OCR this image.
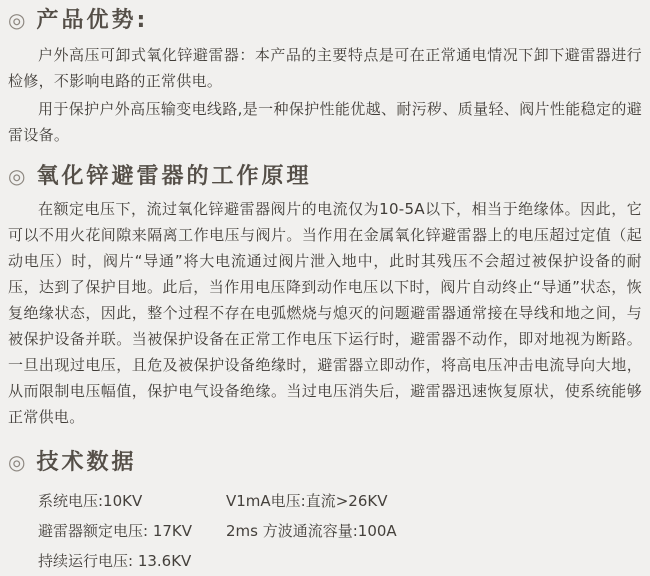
◎ 产品优势:

户外高压可卸式氧化锌避雷器：本产品的主要特点是可在正常通电情况下卸下避雷器进行检修，不影响电路的正常供电。

用于保护户外高压输变电线路,是一种保护性能优越、耐污秽、质量轻、阀片性能稳定的避雷设备。

◎ 氧化锌避雷器的工作原理

在额定电压下，流过氧化锌避雷器阀片的电流仅为10-5A以下，相当于绝缘体。因此，它可以不用火花间隙来隔离工作电压与阀片。当作用在金属氧化锌避雷器上的电压超过定值（起动电压）时，阀片“导通”将大电流通过阀片泄入地中，此时其残压不会超过被保护设备的耐压，达到了保护目地。此后，当作用电压降到动作电压以下时，阀片自动终止“导通”状态，恢复绝缘状态，因此，整个过程不存在电弧燃烧与熄灭的问题避雷器通常接在导线和地之间，与被保护设备并联。当被保护设备在正常工作电压下运行时，避雷器不动作，即对地视为断路。一旦出现过电压，且危及被保护设备绝缘时，避雷器立即动作，将高电压冲击电流导向大地，从而限制电压幅值，保护电气设备绝缘。当过电压消失后，避雷器迅速恢复原状，使系统能够正常供电。

◎ 技术数据
系统电压:10KV
避雷器额定电压: 17KV
持续运行电压: 13.6KV
V1mA电压:直流>26KV
2ms 方波通流容量:100A
